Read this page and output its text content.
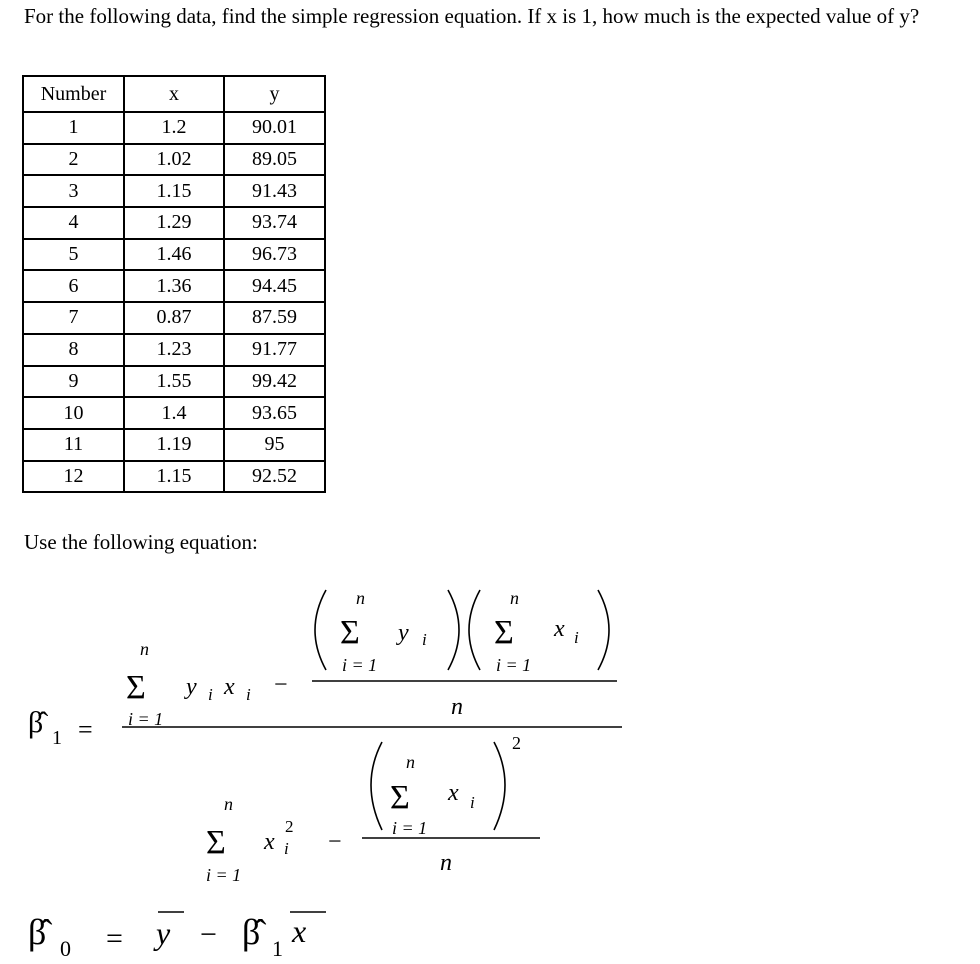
For the following data, find the simple regression equation. If x is 1, how much is the expected value of y?
Number	x	y
1	1.2	90.01
2	1.02	89.05
3	1.15	91.43
4	1.29	93.74
5	1.46	96.73
6	1.36	94.45
7	0.87	87.59
8	1.23	91.77
9	1.55	99.42
10	1.4	93.65
11	1.19	95
12	1.15	92.52
Use the following equation:
β̂ 1 =
n
Σ
i = 1
y i x i −
n
Σ
i = 1
y i
n
Σ
i = 1
x i
n
n
Σ
i = 1
x
2
i −
n
Σ
i = 1
x i
2
n
β̂ 0 = y − β̂ 1 x
